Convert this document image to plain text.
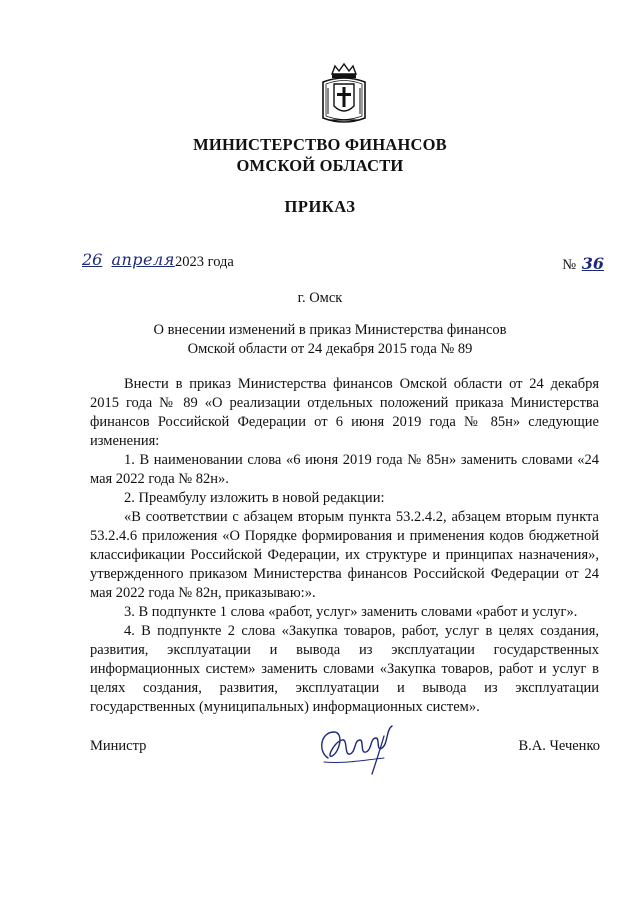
МИНИСТЕРСТВО ФИНАНСОВ
ОМСКОЙ ОБЛАСТИ
ПРИКАЗ
26 апреля 2023 года	№ 36
г. Омск
О внесении изменений в приказ Министерства финансов
Омской области от 24 декабря 2015 года № 89

Внести в приказ Министерства финансов Омской области от 24 декабря 2015 года № 89 «О реализации отдельных положений приказа Министерства финансов Российской Федерации от 6 июня 2019 года № 85н» следующие изменения:

1. В наименовании слова «6 июня 2019 года № 85н» заменить словами «24 мая 2022 года № 82н».

2. Преамбулу изложить в новой редакции:

«В соответствии с абзацем вторым пункта 53.2.4.2, абзацем вторым пункта 53.2.4.6 приложения «О Порядке формирования и применения кодов бюджетной классификации Российской Федерации, их структуре и принципах назначения», утвержденного приказом Министерства финансов Российской Федерации от 24 мая 2022 года № 82н, приказываю:».

3. В подпункте 1 слова «работ, услуг» заменить словами «работ и услуг».

4. В подпункте 2 слова «Закупка товаров, работ, услуг в целях создания, развития, эксплуатации и вывода из эксплуатации государственных информационных систем» заменить словами «Закупка товаров, работ и услуг в целях создания, развития, эксплуатации и вывода из эксплуатации государственных (муниципальных) информационных систем».

Министр	В.А. Чеченко
